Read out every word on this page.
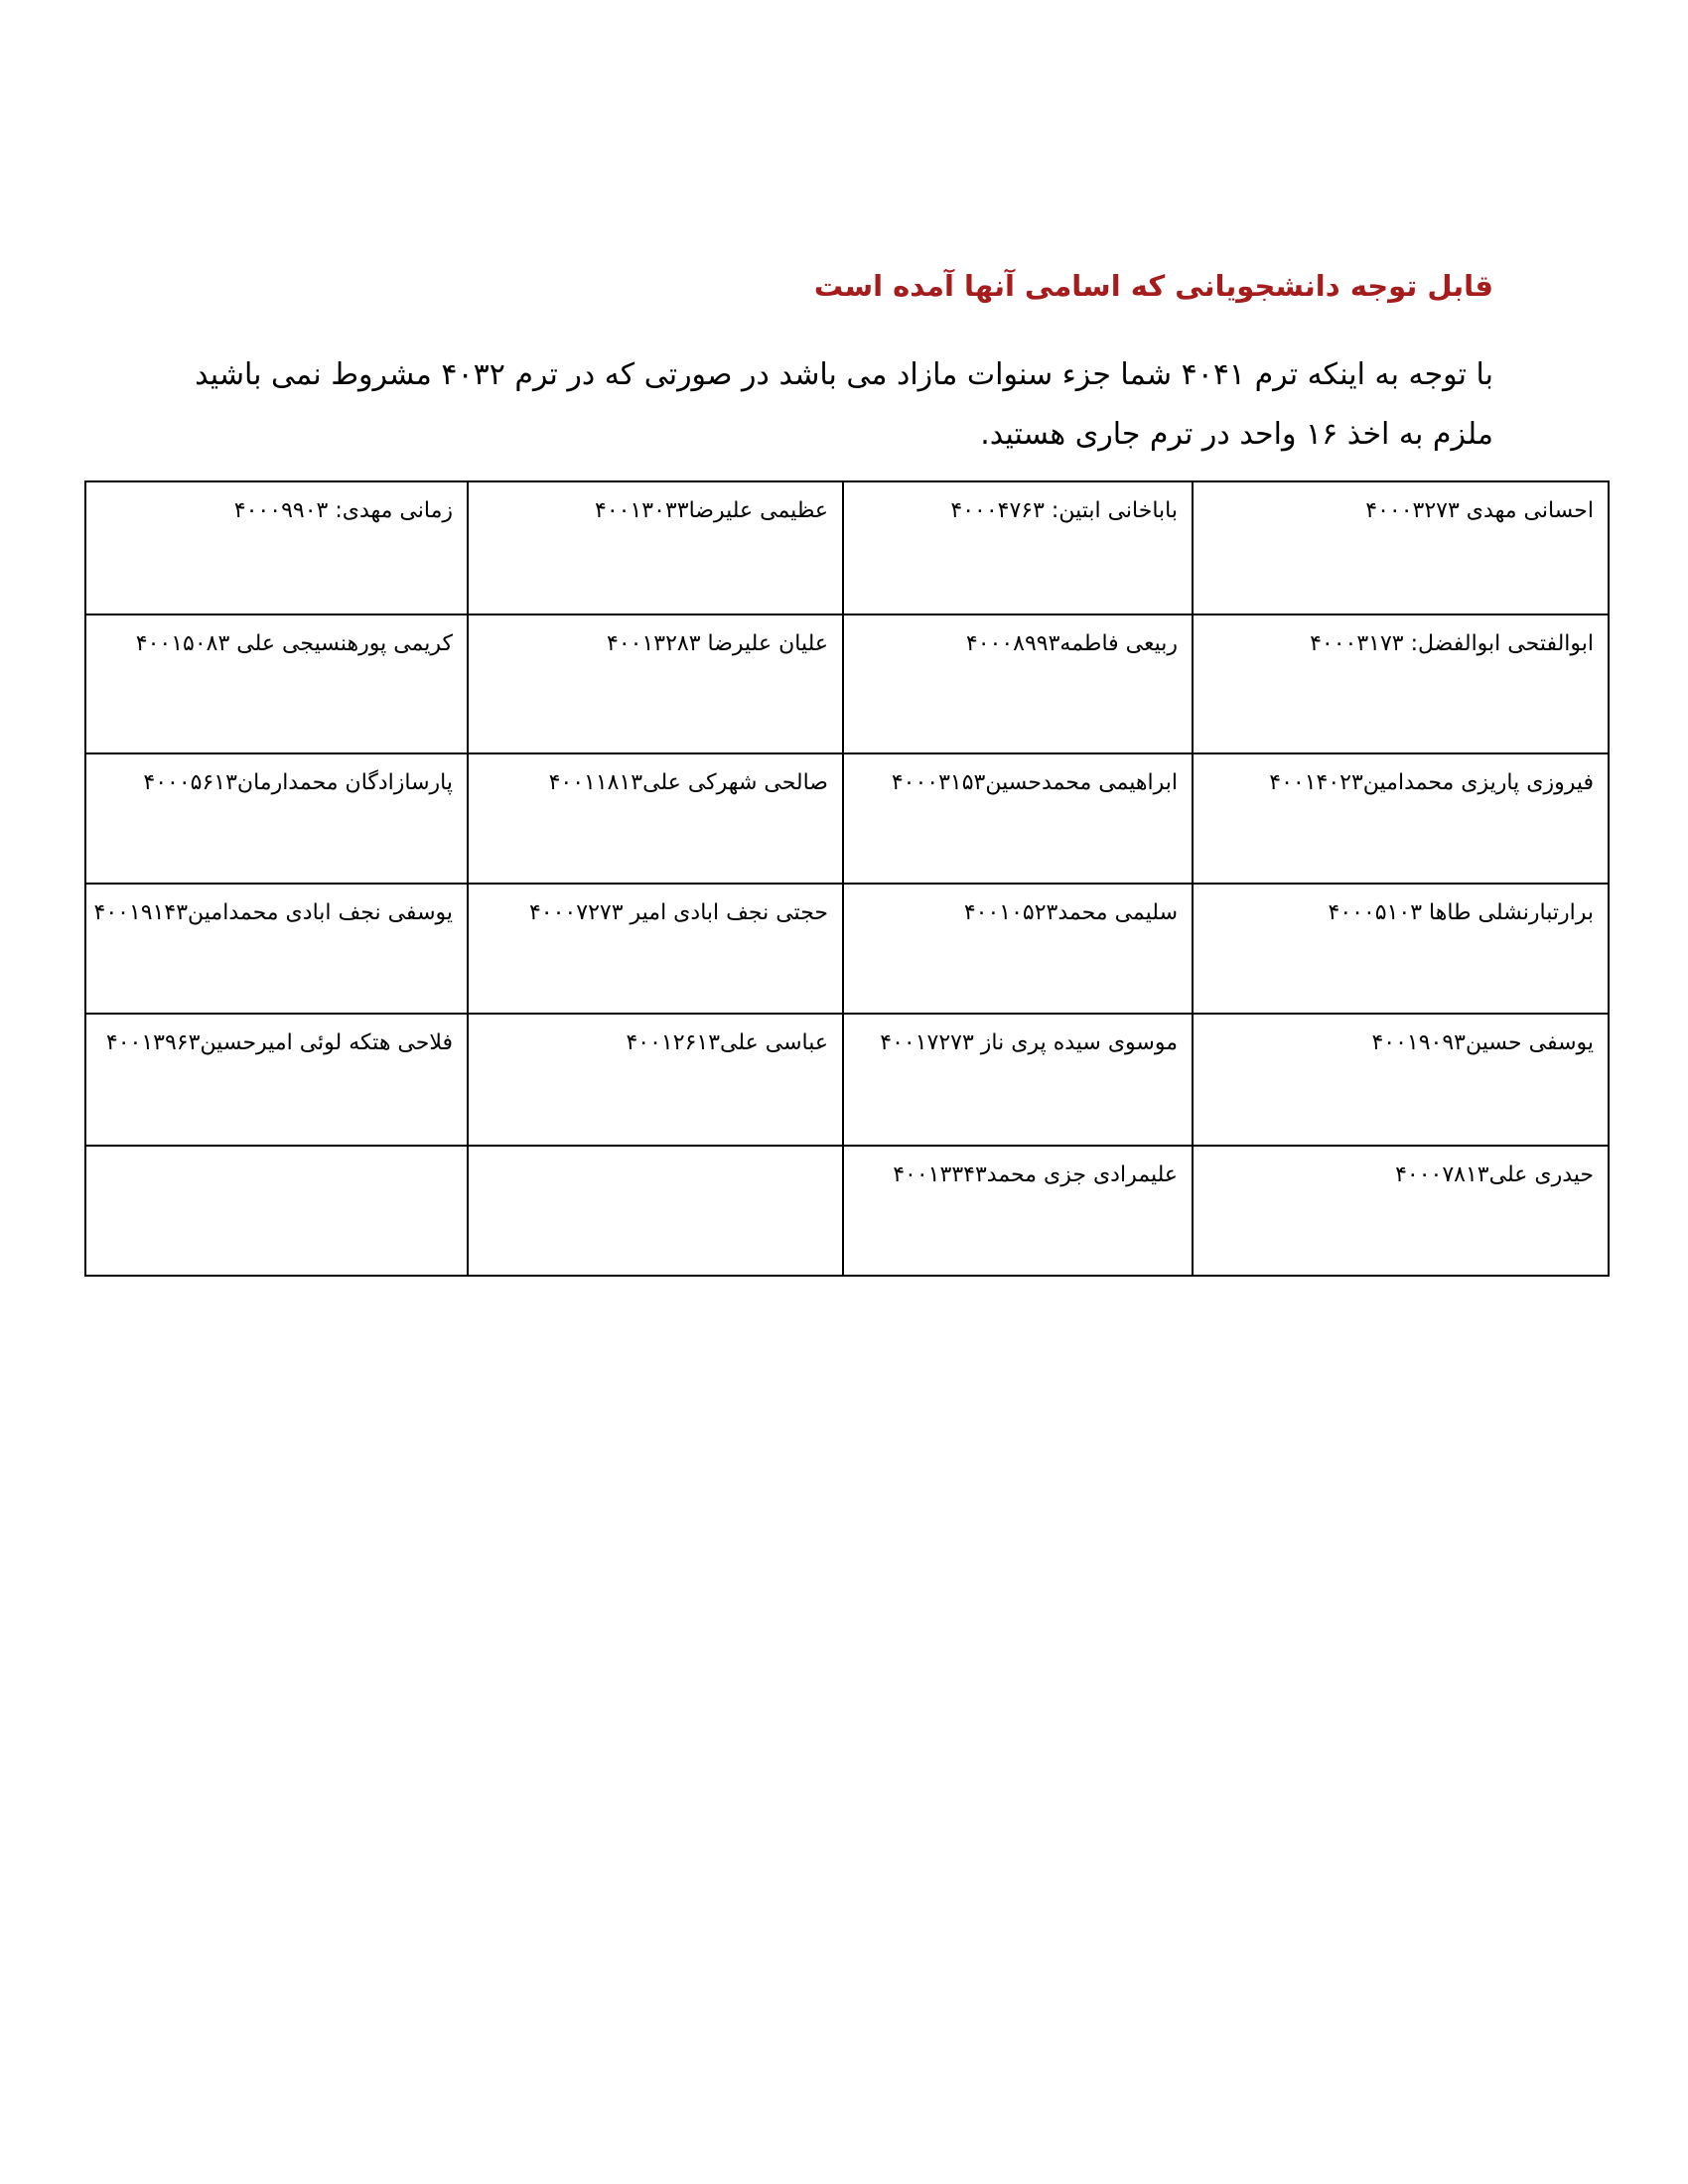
قابل توجه دانشجویانی که اسامی آنها آمده است

با توجه به اینکه ترم ۴۰۴۱ شما جزء سنوات مازاد می باشد در صورتی که در ترم ۴۰۳۲ مشروط نمی باشید

ملزم به اخذ ۱۶ واحد در ترم جاری هستید.

احسانی مهدی ۴۰۰۰۳۲۷۳	باباخانی ابتین: ۴۰۰۰۴۷۶۳	عظیمی علیرضا۴۰۰۱۳۰۳۳	زمانی مهدی: ۴۰۰۰۹۹۰۳
ابوالفتحی ابوالفضل: ۴۰۰۰۳۱۷۳	ربیعی فاطمه۴۰۰۰۸۹۹۳	علیان علیرضا ۴۰۰۱۳۲۸۳	کریمی پورهنسیجی علی ۴۰۰۱۵۰۸۳
فیروزی پاریزی محمدامین۴۰۰۱۴۰۲۳	ابراهیمی محمدحسین۴۰۰۰۳۱۵۳	صالحی شهرکی علی۴۰۰۱۱۸۱۳	پارسازادگان محمدارمان۴۰۰۰۵۶۱۳
برارتبارنشلی طاها ۴۰۰۰۵۱۰۳	سلیمی محمد۴۰۰۱۰۵۲۳	حجتی نجف ابادی امیر ۴۰۰۰۷۲۷۳	یوسفی نجف ابادی محمدامین۴۰۰۱۹۱۴۳
یوسفی حسین۴۰۰۱۹۰۹۳	موسوی سیده پری ناز ۴۰۰۱۷۲۷۳	عباسی علی۴۰۰۱۲۶۱۳	فلاحی هتکه لوئی امیرحسین۴۰۰۱۳۹۶۳
حیدری علی۴۰۰۰۷۸۱۳	علیمرادی جزی محمد۴۰۰۱۳۳۴۳		
